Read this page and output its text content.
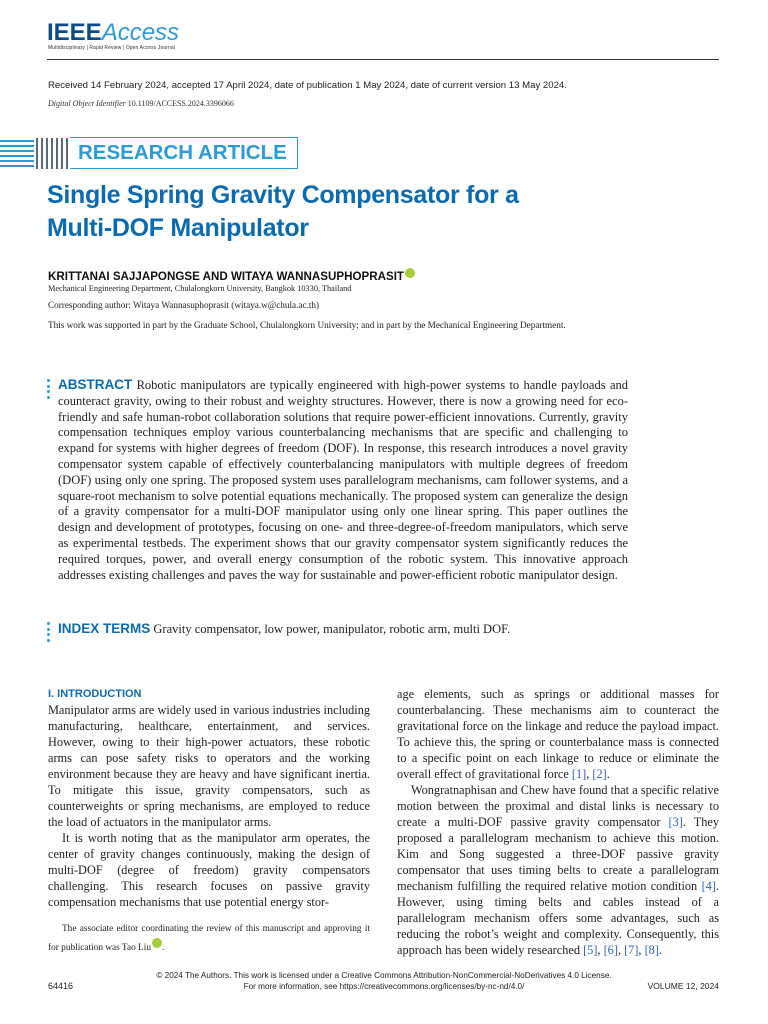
IEEEAccess
Multidisciplinary | Rapid Review | Open Access Journal
Received 14 February 2024, accepted 17 April 2024, date of publication 1 May 2024, date of current version 13 May 2024.
Digital Object Identifier 10.1109/ACCESS.2024.3396066
RESEARCH ARTICLE
Single Spring Gravity Compensator for a
Multi-DOF Manipulator
KRITTANAI SAJJAPONGSE AND WITAYA WANNASUPHOPRASIT
Mechanical Engineering Department, Chulalongkorn University, Bangkok 10330, Thailand
Corresponding author: Witaya Wannasuphoprasit (witaya.w@chula.ac.th)
This work was supported in part by the Graduate School, Chulalongkorn University; and in part by the Mechanical Engineering Department.
ABSTRACT Robotic manipulators are typically engineered with high-power systems to handle payloads and counteract gravity, owing to their robust and weighty structures. However, there is now a growing need for eco-friendly and safe human-robot collaboration solutions that require power-efficient innovations. Currently, gravity compensation techniques employ various counterbalancing mechanisms that are specific and challenging to expand for systems with higher degrees of freedom (DOF). In response, this research introduces a novel gravity compensator system capable of effectively counterbalancing manipulators with multiple degrees of freedom (DOF) using only one spring. The proposed system uses parallelogram mechanisms, cam follower systems, and a square-root mechanism to solve potential equations mechanically. The proposed system can generalize the design of a gravity compensator for a multi-DOF manipulator using only one linear spring. This paper outlines the design and development of prototypes, focusing on one- and three-degree-of-freedom manipulators, which serve as experimental testbeds. The experiment shows that our gravity compensator system significantly reduces the required torques, power, and overall energy consumption of the robotic system. This innovative approach addresses existing challenges and paves the way for sustainable and power-efficient robotic manipulator design.
INDEX TERMS Gravity compensator, low power, manipulator, robotic arm, multi DOF.
I. INTRODUCTION

Manipulator arms are widely used in various industries including manufacturing, healthcare, entertainment, and services. However, owing to their high-power actuators, these robotic arms can pose safety risks to operators and the working environment because they are heavy and have significant inertia. To mitigate this issue, gravity compensators, such as counterweights or spring mechanisms, are employed to reduce the load of actuators in the manipulator arms.

It is worth noting that as the manipulator arm operates, the center of gravity changes continuously, making the design of multi-DOF (degree of freedom) gravity compensators challenging. This research focuses on passive gravity compensation mechanisms that use potential energy stor-

The associate editor coordinating the review of this manuscript and approving it for publication was Tao Liu .

age elements, such as springs or additional masses for counterbalancing. These mechanisms aim to counteract the gravitational force on the linkage and reduce the payload impact. To achieve this, the spring or counterbalance mass is connected to a specific point on each linkage to reduce or eliminate the overall effect of gravitational force [1], [2].

Wongratnaphisan and Chew have found that a specific relative motion between the proximal and distal links is necessary to create a multi-DOF passive gravity compensator [3]. They proposed a parallelogram mechanism to achieve this motion. Kim and Song suggested a three-DOF passive gravity compensator that uses timing belts to create a parallelogram mechanism fulfilling the required relative motion condition [4]. However, using timing belts and cables instead of a parallelogram mechanism offers some advantages, such as reducing the robot’s weight and complexity. Consequently, this approach has been widely researched [5], [6], [7], [8].

© 2024 The Authors. This work is licensed under a Creative Commons Attribution-NonCommercial-NoDerivatives 4.0 License.
For more information, see https://creativecommons.org/licenses/by-nc-nd/4.0/
64416	VOLUME 12, 2024
